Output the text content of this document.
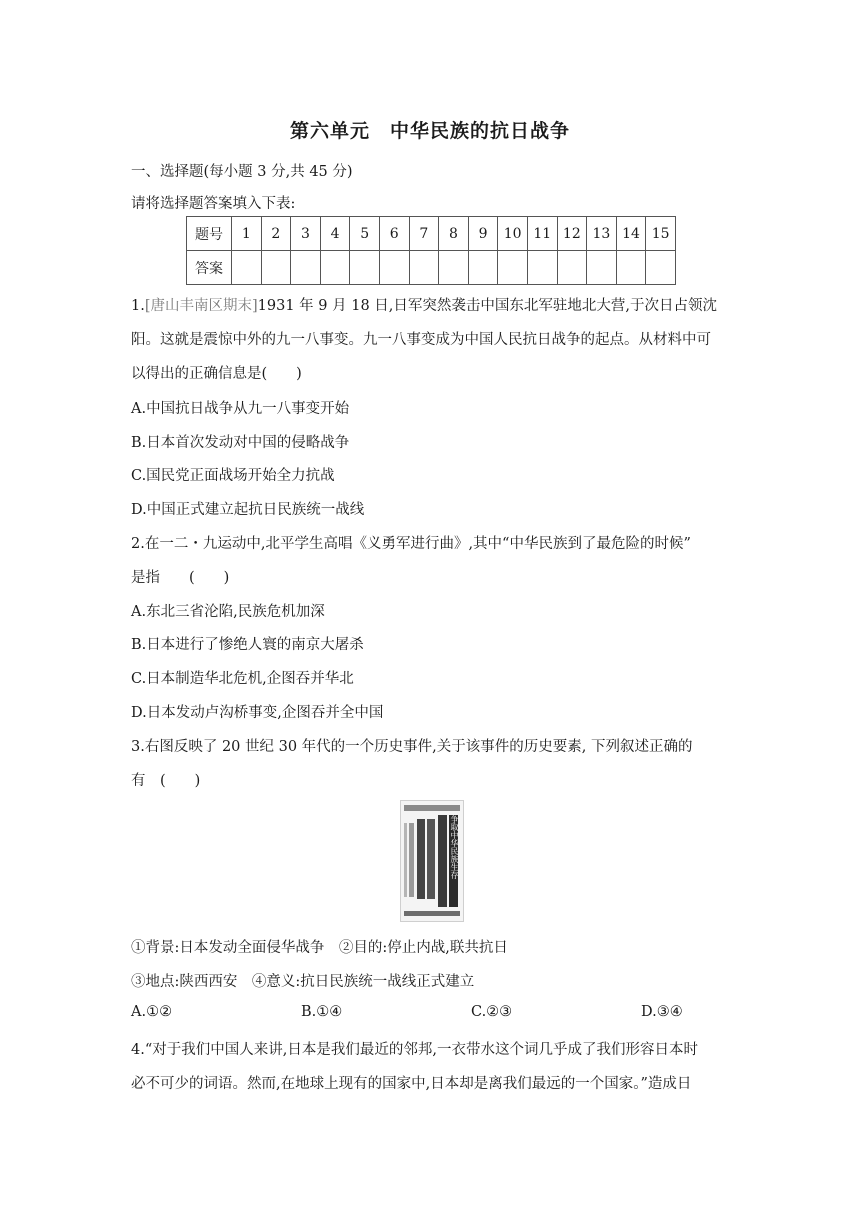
第六单元　中华民族的抗日战争
一、选择题(每小题 3 分,共 45 分)
请将选择题答案填入下表:
题号	1	2	3	4	5	6	7	8	9	10	11	12	13	14	15
答案															
1.[唐山丰南区期末]1931 年 9 月 18 日,日军突然袭击中国东北军驻地北大营,于次日占领沈
阳。这就是震惊中外的九一八事变。九一八事变成为中国人民抗日战争的起点。从材料中可
以得出的正确信息是(　　)
A.中国抗日战争从九一八事变开始
B.日本首次发动对中国的侵略战争
C.国民党正面战场开始全力抗战
D.中国正式建立起抗日民族统一战线
2.在一二・九运动中,北平学生高唱《义勇军进行曲》,其中“中华民族到了最危险的时候”
是指　　(　　)
A.东北三省沦陷,民族危机加深
B.日本进行了惨绝人寰的南京大屠杀
C.日本制造华北危机,企图吞并华北
D.日本发动卢沟桥事变,企图吞并全中国
3.右图反映了 20 世纪 30 年代的一个历史事件,关于该事件的历史要素, 下列叙述正确的
有　(　　)
争取中华民族生存
①背景:日本发动全面侵华战争　②目的:停止内战,联共抗日
③地点:陕西西安　④意义:抗日民族统一战线正式建立
A.①②	B.①④	C.②③	D.③④
4.“对于我们中国人来讲,日本是我们最近的邻邦,一衣带水这个词几乎成了我们形容日本时
必不可少的词语。然而,在地球上现有的国家中,日本却是离我们最远的一个国家。”造成日
